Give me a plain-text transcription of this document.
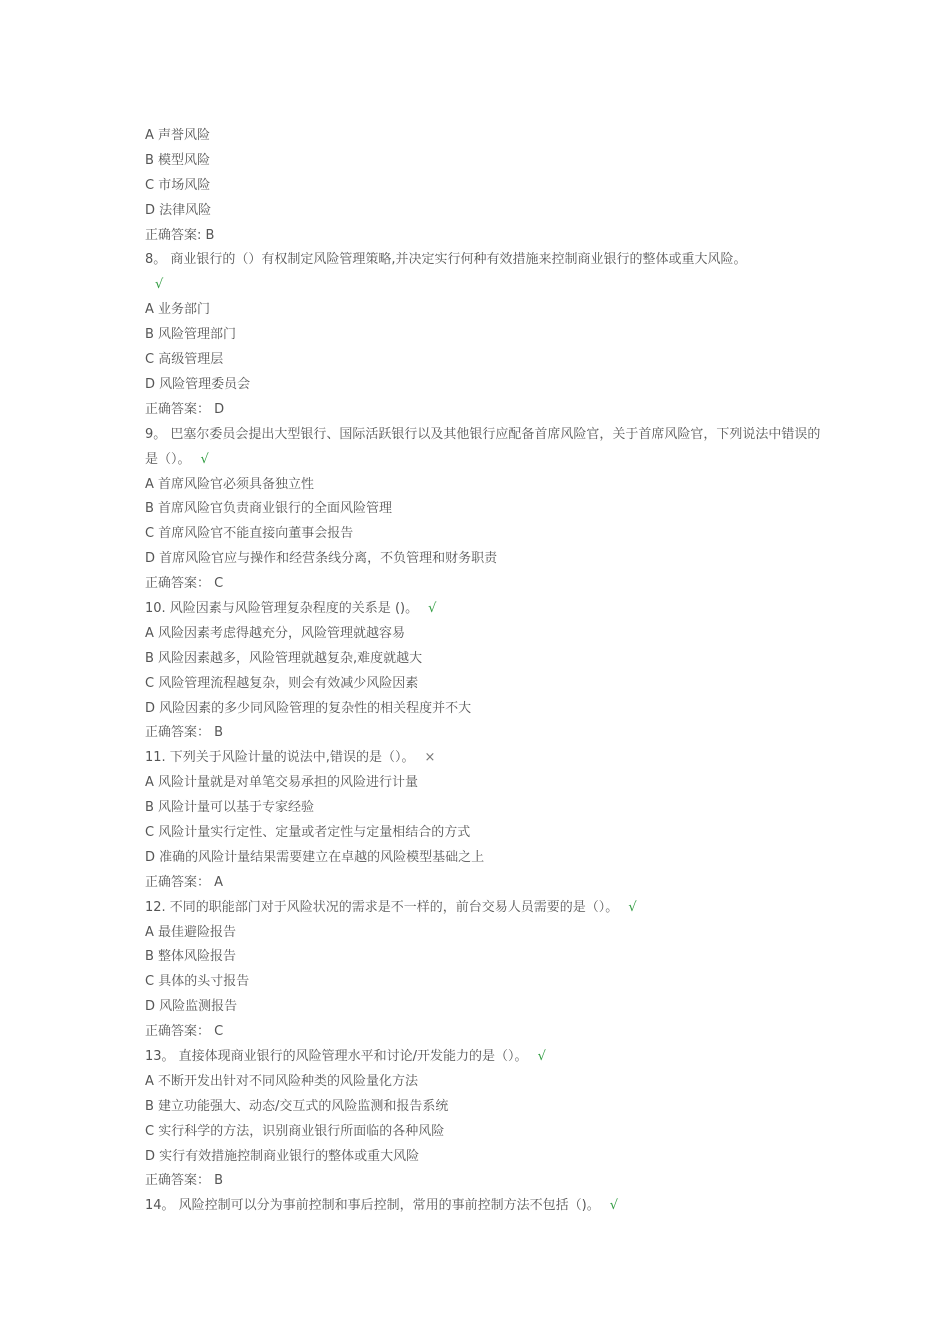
A 声誉风险
B 模型风险
C 市场风险
D 法律风险
正确答案: B
8。 商业银行的（）有权制定风险管理策略,并决定实行何种有效措施来控制商业银行的整体或重大风险。
√
A 业务部门
B 风险管理部门
C 高级管理层
D 风险管理委员会
正确答案： D
9。 巴塞尔委员会提出大型银行、国际活跃银行以及其他银行应配备首席风险官，关于首席风险官，下列说法中错误的是（）。 √
A 首席风险官必须具备独立性
B 首席风险官负责商业银行的全面风险管理
C 首席风险官不能直接向董事会报告
D 首席风险官应与操作和经营条线分离，不负管理和财务职责
正确答案： C
10. 风险因素与风险管理复杂程度的关系是 ()。 √
A 风险因素考虑得越充分，风险管理就越容易
B 风险因素越多，风险管理就越复杂,难度就越大
C 风险管理流程越复杂，则会有效减少风险因素
D 风险因素的多少同风险管理的复杂性的相关程度并不大
正确答案： B
11. 下列关于风险计量的说法中,错误的是（）。 ×
A 风险计量就是对单笔交易承担的风险进行计量
B 风险计量可以基于专家经验
C 风险计量实行定性、定量或者定性与定量相结合的方式
D 准确的风险计量结果需要建立在卓越的风险模型基础之上
正确答案： A
12. 不同的职能部门对于风险状况的需求是不一样的，前台交易人员需要的是（）。 √
A 最佳避险报告
B 整体风险报告
C 具体的头寸报告
D 风险监测报告
正确答案： C
13。 直接体现商业银行的风险管理水平和讨论/开发能力的是（）。 √
A 不断开发出针对不同风险种类的风险量化方法
B 建立功能强大、动态/交互式的风险监测和报告系统
C 实行科学的方法，识别商业银行所面临的各种风险
D 实行有效措施控制商业银行的整体或重大风险
正确答案： B
14。 风险控制可以分为事前控制和事后控制，常用的事前控制方法不包括（)。 √
